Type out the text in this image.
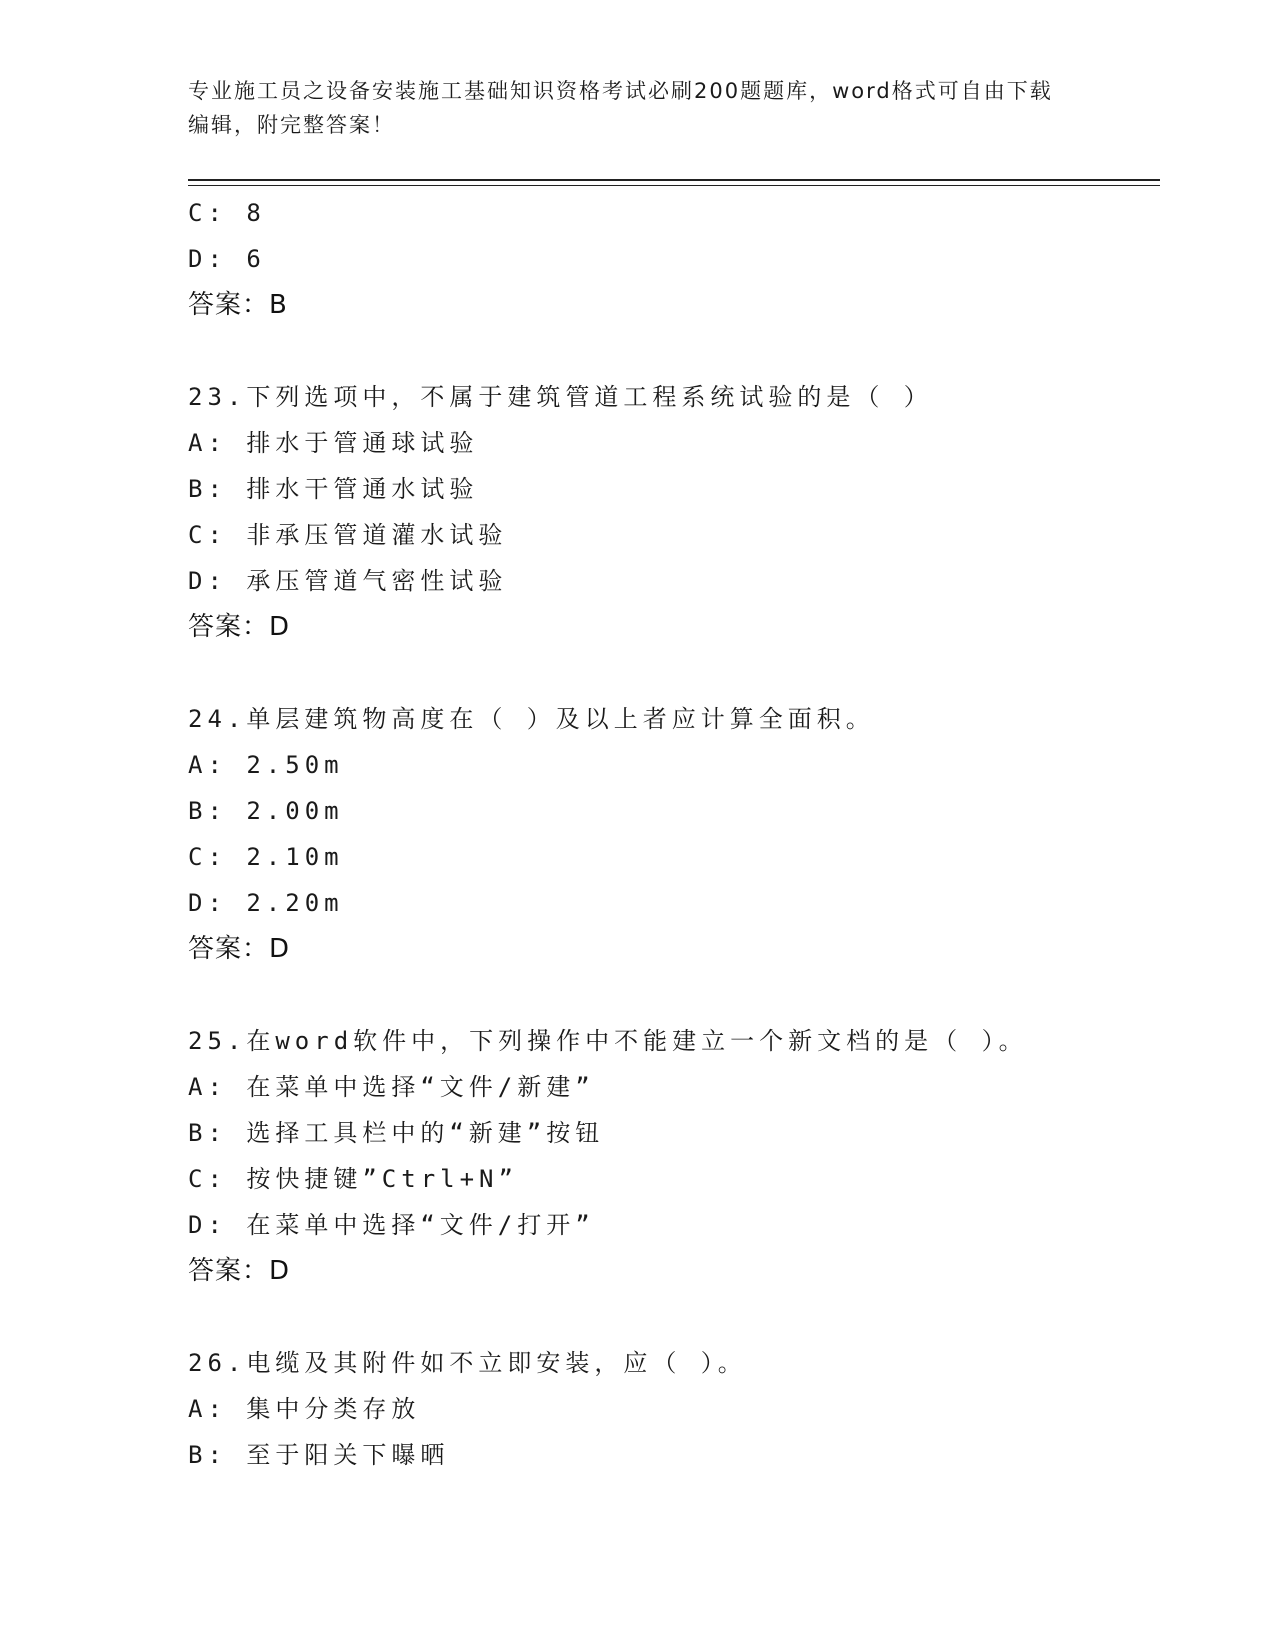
专业施工员之设备安装施工基础知识资格考试必刷200题题库，word格式可自由下载编辑，附完整答案！
C: 8
D: 6
答案：B
23.下列选项中，不属于建筑管道工程系统试验的是（ ）
A: 排水于管通球试验
B: 排水干管通水试验
C: 非承压管道灌水试验
D: 承压管道气密性试验
答案：D
24.单层建筑物高度在（ ）及以上者应计算全面积。
A: 2.50m
B: 2.00m
C: 2.10m
D: 2.20m
答案：D
25.在word软件中，下列操作中不能建立一个新文档的是（ ）。
A: 在菜单中选择“文件/新建”
B: 选择工具栏中的“新建”按钮
C: 按快捷键”Ctrl+N”
D: 在菜单中选择“文件/打开”
答案：D
26.电缆及其附件如不立即安装，应（ ）。
A: 集中分类存放
B: 至于阳关下曝晒
